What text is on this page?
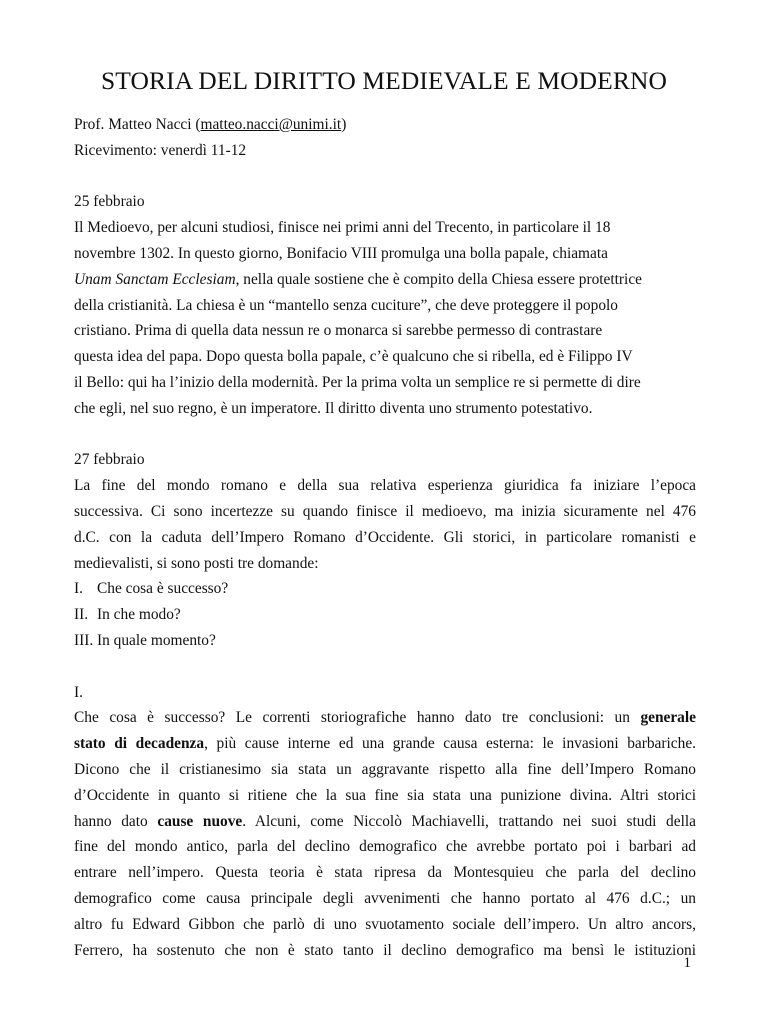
STORIA DEL DIRITTO MEDIEVALE E MODERNO
Prof. Matteo Nacci (matteo.nacci@unimi.it)
Ricevimento: venerdì 11-12
25 febbraio
Il Medioevo, per alcuni studiosi, finisce nei primi anni del Trecento, in particolare il 18
novembre 1302. In questo giorno, Bonifacio VIII promulga una bolla papale, chiamata
Unam Sanctam Ecclesiam, nella quale sostiene che è compito della Chiesa essere protettrice
della cristianità. La chiesa è un “mantello senza cuciture”, che deve proteggere il popolo
cristiano. Prima di quella data nessun re o monarca si sarebbe permesso di contrastare
questa idea del papa. Dopo questa bolla papale, c’è qualcuno che si ribella, ed è Filippo IV
il Bello: qui ha l’inizio della modernità. Per la prima volta un semplice re si permette di dire
che egli, nel suo regno, è un imperatore. Il diritto diventa uno strumento potestativo.
27 febbraio
La fine del mondo romano e della sua relativa esperienza giuridica fa iniziare l’epoca
successiva. Ci sono incertezze su quando finisce il medioevo, ma inizia sicuramente nel 476
d.C. con la caduta dell’Impero Romano d’Occidente. Gli storici, in particolare romanisti e
medievalisti, si sono posti tre domande:
I. Che cosa è successo?
II. In che modo?
III. In quale momento?
I.
Che cosa è successo? Le correnti storiografiche hanno dato tre conclusioni: un generale
stato di decadenza, più cause interne ed una grande causa esterna: le invasioni barbariche.
Dicono che il cristianesimo sia stata un aggravante rispetto alla fine dell’Impero Romano
d’Occidente in quanto si ritiene che la sua fine sia stata una punizione divina. Altri storici
hanno dato cause nuove. Alcuni, come Niccolò Machiavelli, trattando nei suoi studi della
fine del mondo antico, parla del declino demografico che avrebbe portato poi i barbari ad
entrare nell’impero. Questa teoria è stata ripresa da Montesquieu che parla del declino
demografico come causa principale degli avvenimenti che hanno portato al 476 d.C.; un
altro fu Edward Gibbon che parlò di uno svuotamento sociale dell’impero. Un altro ancors,
Ferrero, ha sostenuto che non è stato tanto il declino demografico ma bensì le istituzioni
1
